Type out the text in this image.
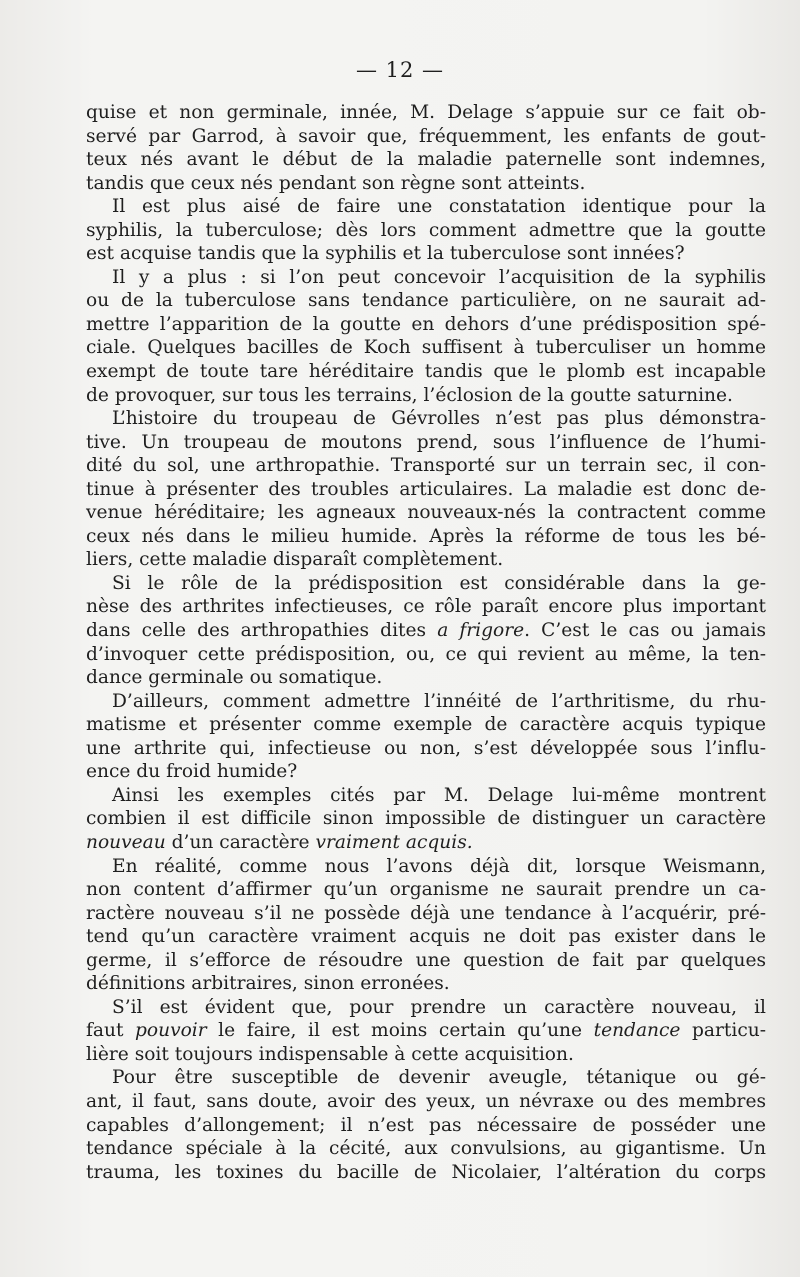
— 12 —
quise et non germinale, innée, M. Delage s’appuie sur ce fait ob-
servé par Garrod, à savoir que, fréquemment, les enfants de gout-
teux nés avant le début de la maladie paternelle sont indemnes,
tandis que ceux nés pendant son règne sont atteints.
Il est plus aisé de faire une constatation identique pour la
syphilis, la tuberculose; dès lors comment admettre que la goutte
est acquise tandis que la syphilis et la tuberculose sont innées?
Il y a plus : si l’on peut concevoir l’acquisition de la syphilis
ou de la tuberculose sans tendance particulière, on ne saurait ad-
mettre l’apparition de la goutte en dehors d’une prédisposition spé-
ciale. Quelques bacilles de Koch suffisent à tuberculiser un homme
exempt de toute tare héréditaire tandis que le plomb est incapable
de provoquer, sur tous les terrains, l’éclosion de la goutte saturnine.
L’histoire du troupeau de Gévrolles n’est pas plus démonstra-
tive. Un troupeau de moutons prend, sous l’influence de l’humi-
dité du sol, une arthropathie. Transporté sur un terrain sec, il con-
tinue à présenter des troubles articulaires. La maladie est donc de-
venue héréditaire; les agneaux nouveaux-nés la contractent comme
ceux nés dans le milieu humide. Après la réforme de tous les bé-
liers, cette maladie disparaît complètement.
Si le rôle de la prédisposition est considérable dans la ge-
nèse des arthrites infectieuses, ce rôle paraît encore plus important
dans celle des arthropathies dites a frigore. C’est le cas ou jamais
d’invoquer cette prédisposition, ou, ce qui revient au même, la ten-
dance germinale ou somatique.
D’ailleurs, comment admettre l’innéité de l’arthritisme, du rhu-
matisme et présenter comme exemple de caractère acquis typique
une arthrite qui, infectieuse ou non, s’est développée sous l’influ-
ence du froid humide?
Ainsi les exemples cités par M. Delage lui-même montrent
combien il est difficile sinon impossible de distinguer un caractère
nouveau d’un caractère vraiment acquis.
En réalité, comme nous l’avons déjà dit, lorsque Weismann,
non content d’affirmer qu’un organisme ne saurait prendre un ca-
ractère nouveau s’il ne possède déjà une tendance à l’acquérir, pré-
tend qu’un caractère vraiment acquis ne doit pas exister dans le
germe, il s’efforce de résoudre une question de fait par quelques
définitions arbitraires, sinon erronées.
S’il est évident que, pour prendre un caractère nouveau, il
faut pouvoir le faire, il est moins certain qu’une tendance particu-
lière soit toujours indispensable à cette acquisition.
Pour être susceptible de devenir aveugle, tétanique ou gé-
ant, il faut, sans doute, avoir des yeux, un névraxe ou des membres
capables d’allongement; il n’est pas nécessaire de posséder une
tendance spéciale à la cécité, aux convulsions, au gigantisme. Un
trauma, les toxines du bacille de Nicolaier, l’altération du corps
